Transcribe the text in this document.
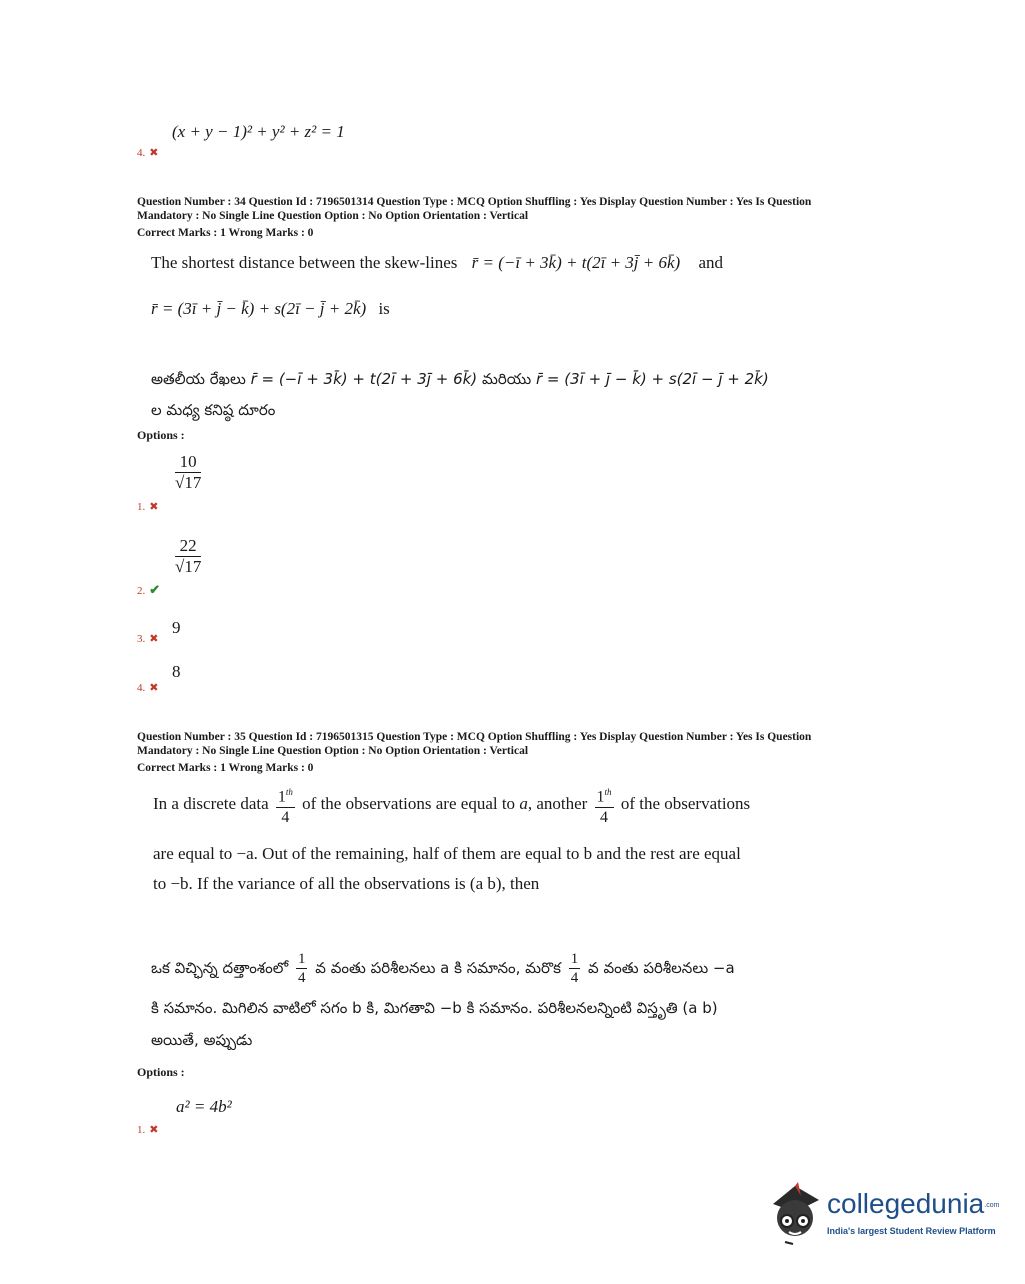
4. ✖
(x + y − 1)² + y² + z² = 1
Question Number : 34 Question Id : 7196501314 Question Type : MCQ Option Shuffling : Yes Display Question Number : Yes Is Question
Mandatory : No Single Line Question Option : No Option Orientation : Vertical
Correct Marks : 1 Wrong Marks : 0
The shortest distance between the skew-lines r̄ = (−ī + 3k̄) + t(2ī + 3j̄ + 6k̄) and
r̄ = (3ī + j̄ − k̄) + s(2ī − j̄ + 2k̄) is
అతలీయ రేఖలు r̄ = (−ī + 3k̄) + t(2ī + 3j̄ + 6k̄) మరియు r̄ = (3ī + j̄ − k̄) + s(2ī − j̄ + 2k̄)
ల మధ్య కనిష్ఠ దూరం
Options :
1. ✖
$\frac{10}{√17}$
2. ✔
$\frac{22}{√17}$
3. ✖
9
4. ✖
8
Question Number : 35 Question Id : 7196501315 Question Type : MCQ Option Shuffling : Yes Display Question Number : Yes Is Question
Mandatory : No Single Line Question Option : No Option Orientation : Vertical
Correct Marks : 1 Wrong Marks : 0
In a discrete data $\frac{1^{th}}{4}$ of the observations are equal to a, another $\frac{1^{th}}{4}$ of the observations
are equal to −a. Out of the remaining, half of them are equal to b and the rest are equal
to −b. If the variance of all the observations is (a b), then
ఒక విచ్ఛిన్న దత్తాంశంలో $\frac{1}{4}$ వ వంతు పరిశీలనలు a కి సమానం, మరొక $\frac{1}{4}$ వ వంతు పరిశీలనలు −a
కి సమానం. మిగిలిన వాటిలో సగం b కి, మిగతావి −b కి సమానం. పరిశీలనలన్నింటి విస్తృతి (a b)
అయితే, అప్పుడు
Options :
1. ✖
a² = 4b²
collegedunia.com
India's largest Student Review Platform
